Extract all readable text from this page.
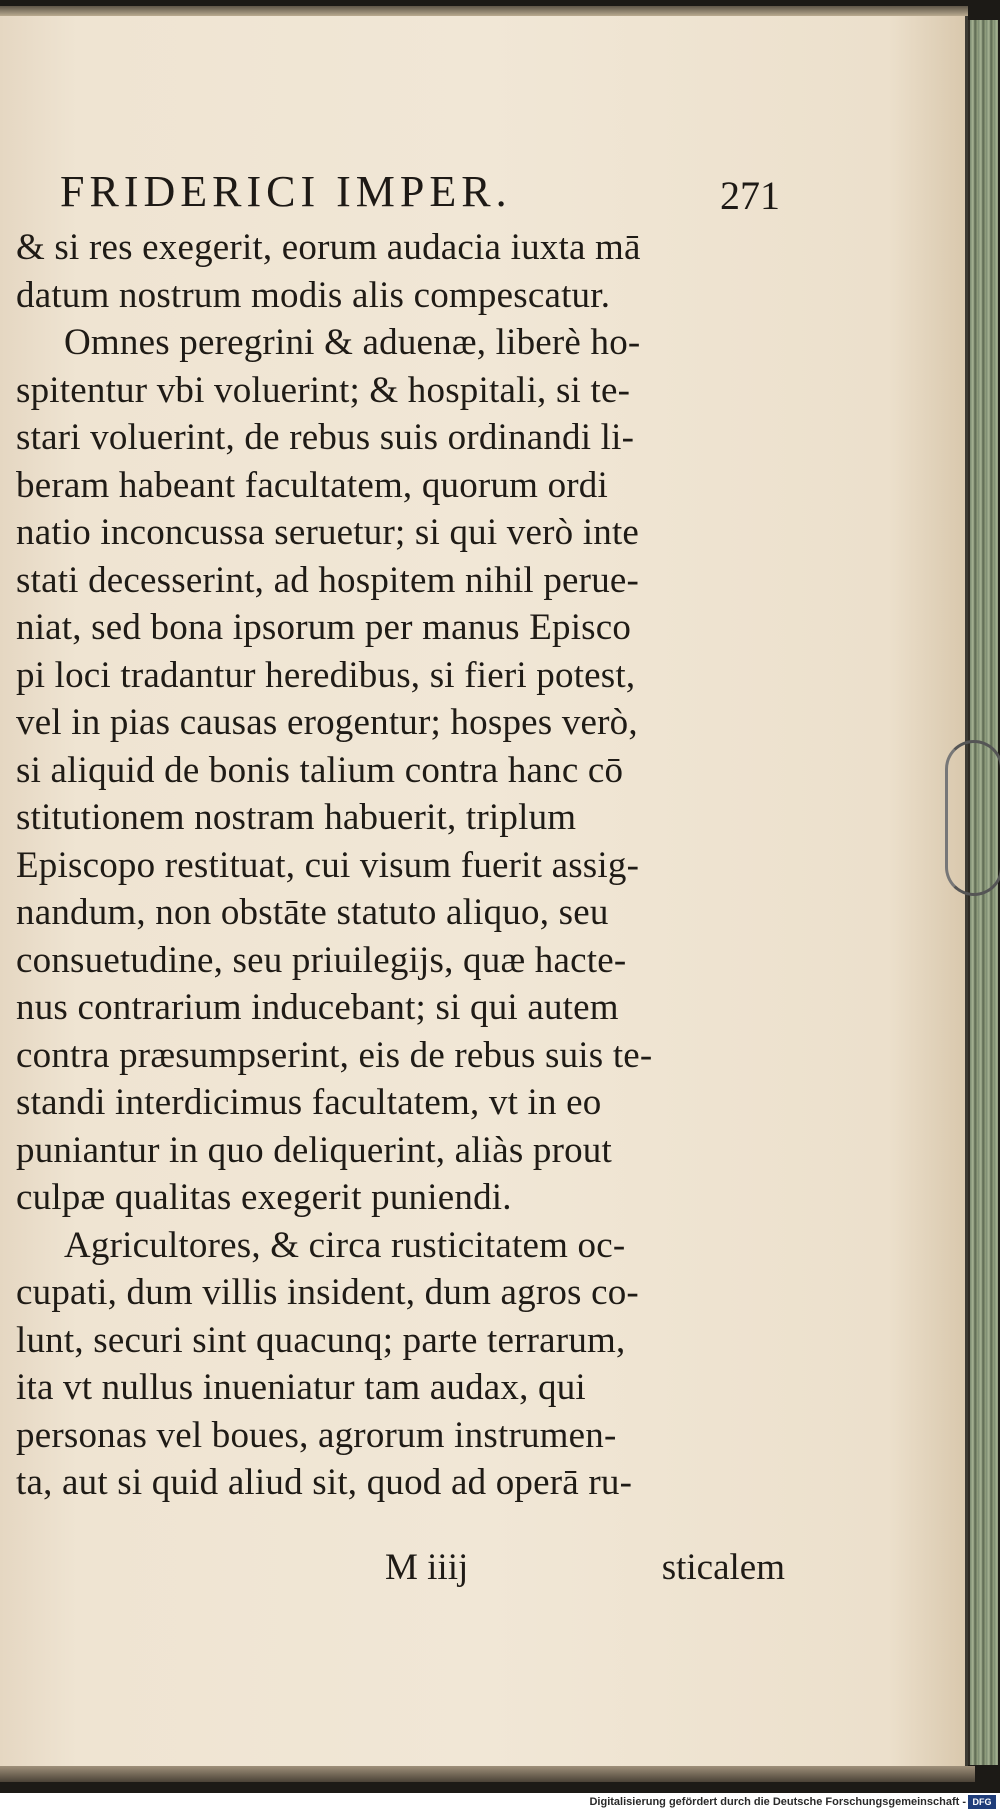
FRIDERICI IMPER.	271
& si res exegerit, eorum audacia iuxta mā
datum nostrum modis alis compescatur.
Omnes peregrini & aduenæ, liberè ho-
spitentur vbi voluerint; & hospitali, si te-
stari voluerint, de rebus suis ordinandi li-
beram habeant facultatem, quorum ordi
natio inconcussa seruetur; si qui verò inte
stati decesserint, ad hospitem nihil perue-
niat, sed bona ipsorum per manus Episco
pi loci tradantur heredibus, si fieri potest,
vel in pias causas erogentur; hospes verò,
si aliquid de bonis talium contra hanc cō
stitutionem nostram habuerit, triplum
Episcopo restituat, cui visum fuerit assig-
nandum, non obstāte statuto aliquo, seu
consuetudine, seu priuilegijs, quæ hacte-
nus contrarium inducebant; si qui autem
contra præsumpserint, eis de rebus suis te-
standi interdicimus facultatem, vt in eo
puniantur in quo deliquerint, aliàs prout
culpæ qualitas exegerit puniendi.
Agricultores, & circa rusticitatem oc-
cupati, dum villis insident, dum agros co-
lunt, securi sint quacunq; parte terrarum,
ita vt nullus inueniatur tam audax, qui
personas vel boues, agrorum instrumen-
ta, aut si quid aliud sit, quod ad operā ru-
M iiij	sticalem
Digitalisierung gefördert durch die Deutsche Forschungsgemeinschaft - DFG
